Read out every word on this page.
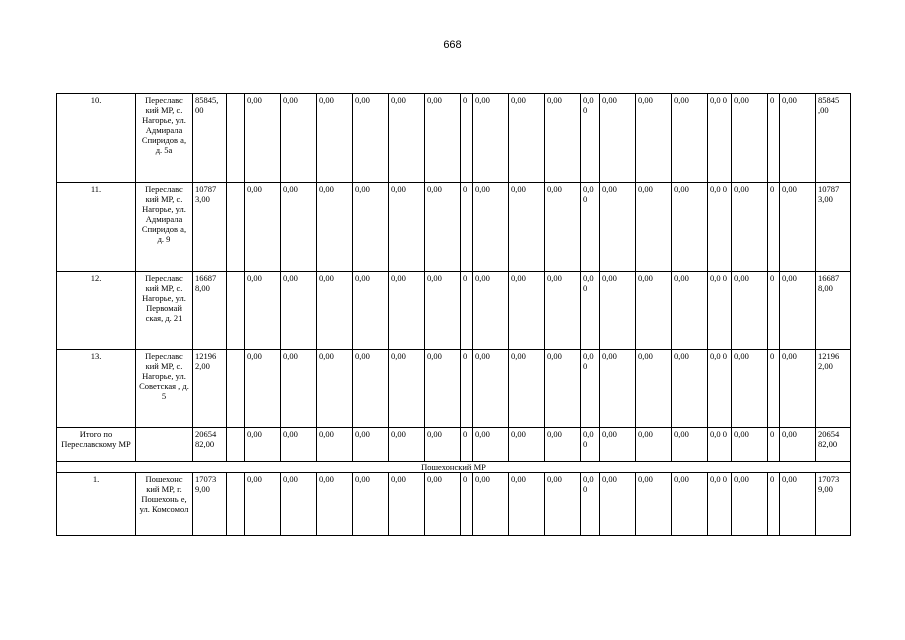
668
10.	Переславс кий МР, с. Нагорье, ул. Адмирала Спиридов а, д. 5а	85845, 00		0,00	0,00	0,00	0,00	0,00	0,00	0	0,00	0,00	0,00	0,0 0	0,00	0,00	0,00	0,0 0	0,00	0	0,00	85845 ,00
11.	Переславс кий МР, с. Нагорье, ул. Адмирала Спиридов а, д. 9	10787 3,00		0,00	0,00	0,00	0,00	0,00	0,00	0	0,00	0,00	0,00	0,0 0	0,00	0,00	0,00	0,0 0	0,00	0	0,00	10787 3,00
12.	Переславс кий МР, с. Нагорье, ул. Первомай ская, д. 21	16687 8,00		0,00	0,00	0,00	0,00	0,00	0,00	0	0,00	0,00	0,00	0,0 0	0,00	0,00	0,00	0,0 0	0,00	0	0,00	16687 8,00
13.	Переславс кий МР, с. Нагорье, ул. Советская , д. 5	12196 2,00		0,00	0,00	0,00	0,00	0,00	0,00	0	0,00	0,00	0,00	0,0 0	0,00	0,00	0,00	0,0 0	0,00	0	0,00	12196 2,00
Итого по Переславскому МР		20654 82,00		0,00	0,00	0,00	0,00	0,00	0,00	0	0,00	0,00	0,00	0,0 0	0,00	0,00	0,00	0,0 0	0,00	0	0,00	20654 82,00
Пошехонский МР																						
1.	Пошехонс кий МР, г. Пошехонь е, ул. Комсомол	17073 9,00		0,00	0,00	0,00	0,00	0,00	0,00	0	0,00	0,00	0,00	0,0 0	0,00	0,00	0,00	0,0 0	0,00	0	0,00	17073 9,00
